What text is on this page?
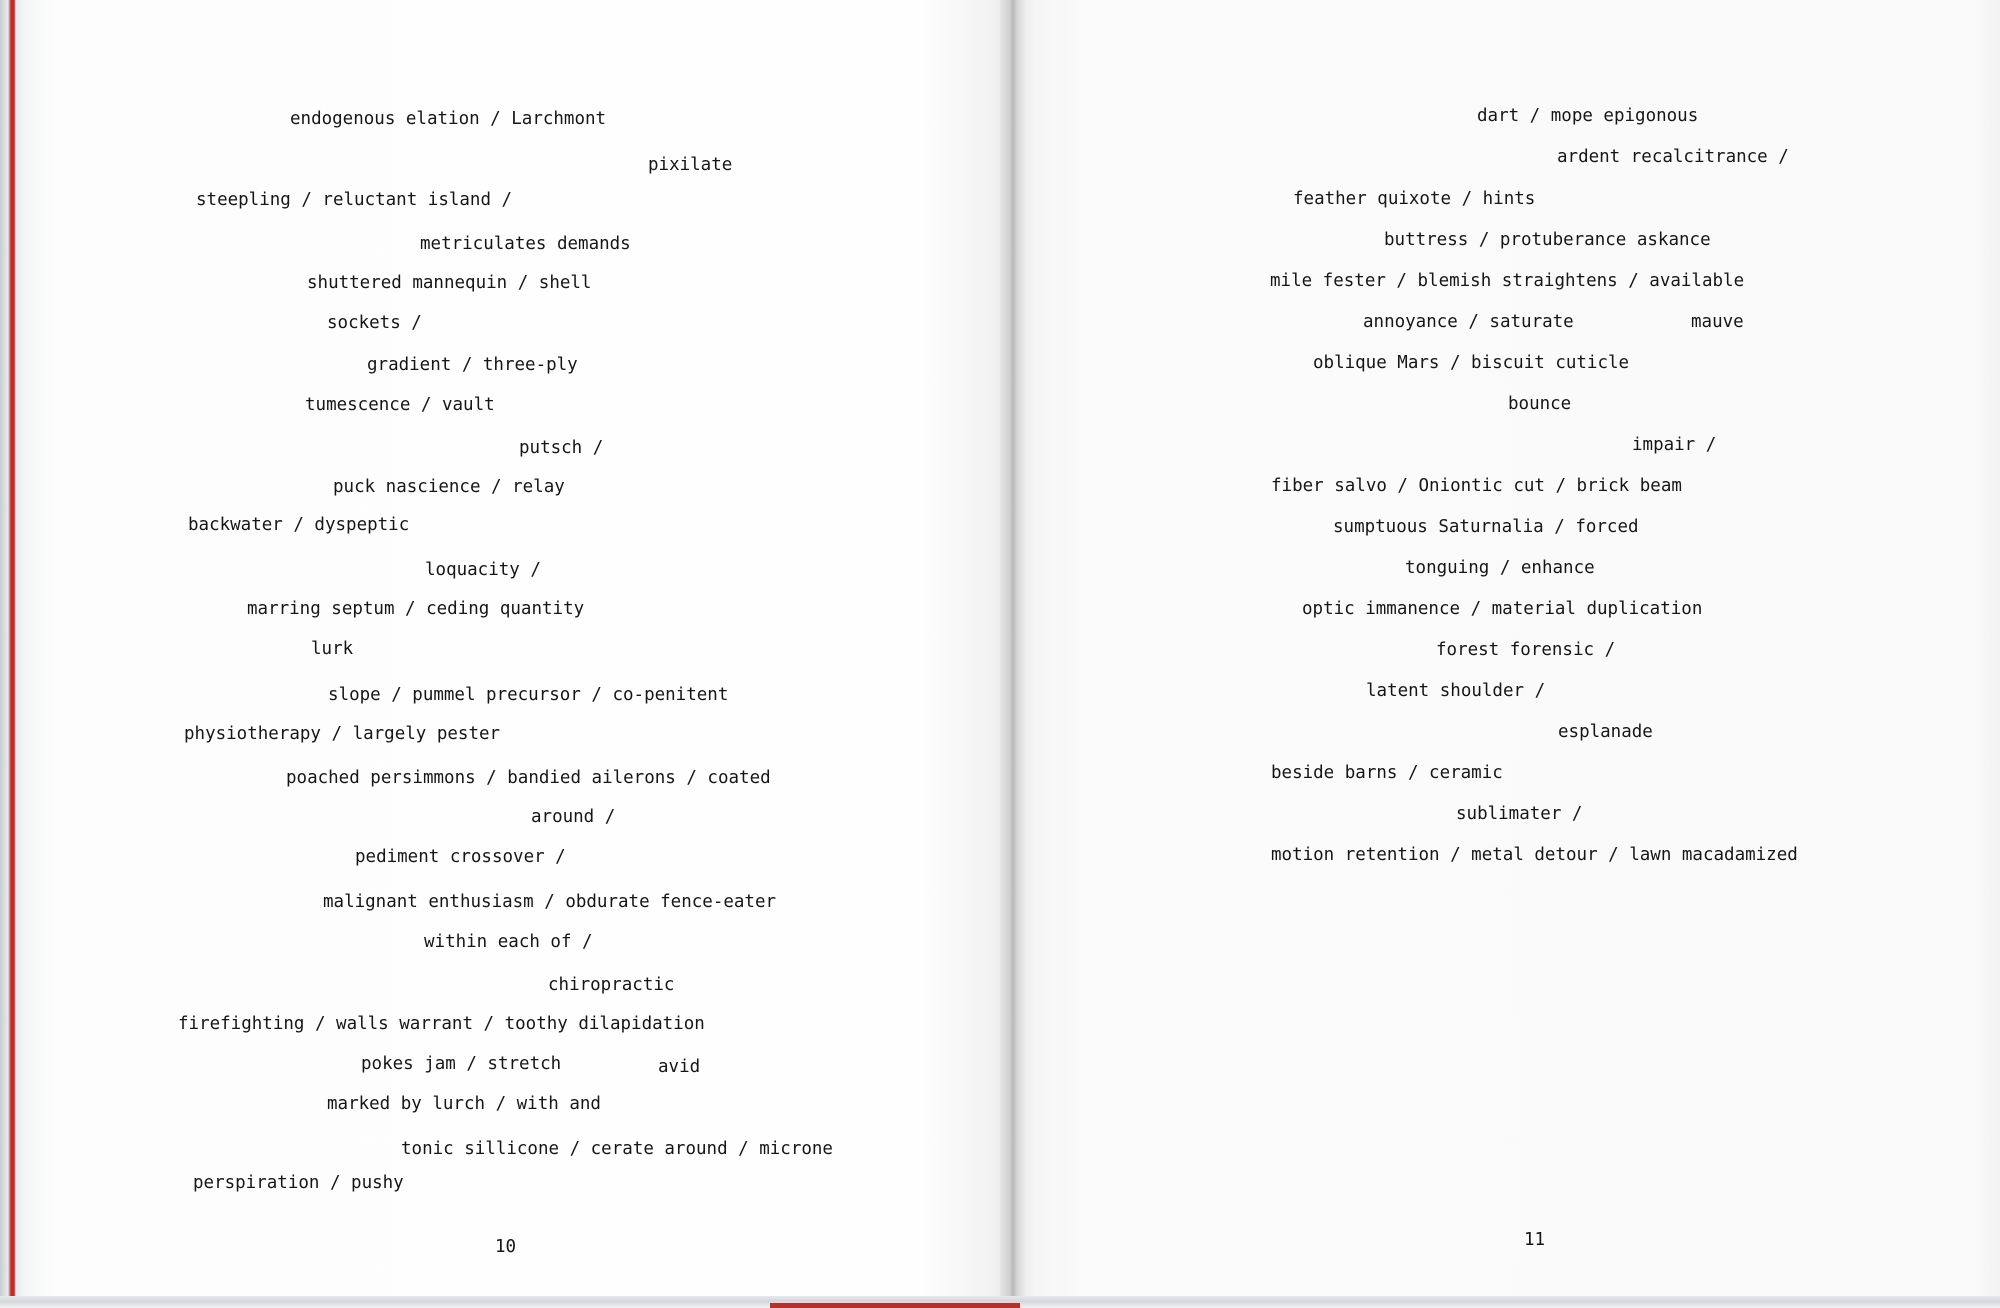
endogenous elation / Larchmont

pixilate

steepling / reluctant island /

metriculates demands

shuttered mannequin / shell

sockets /

gradient / three-ply

tumescence / vault

putsch /

puck nascience / relay

backwater / dyspeptic

loquacity /

marring septum / ceding quantity

lurk

slope / pummel precursor / co-penitent

physiotherapy / largely pester

poached persimmons / bandied ailerons / coated

around /

pediment crossover /

malignant enthusiasm / obdurate fence-eater

within each of /

chiropractic

firefighting / walls warrant / toothy dilapidation

pokes jam / stretch	avid

marked by lurch / with and

tonic sillicone / cerate around / microne

perspiration / pushy

10

dart / mope epigonous

ardent recalcitrance /

feather quixote / hints

buttress / protuberance askance

mile fester / blemish straightens / available

annoyance / saturate	mauve

oblique Mars / biscuit cuticle

bounce

impair /

fiber salvo / Oniontic cut / brick beam

sumptuous Saturnalia / forced

tonguing / enhance

optic immanence / material duplication

forest forensic /

latent shoulder /

esplanade

beside barns / ceramic

sublimater /

motion retention / metal detour / lawn macadamized

11
